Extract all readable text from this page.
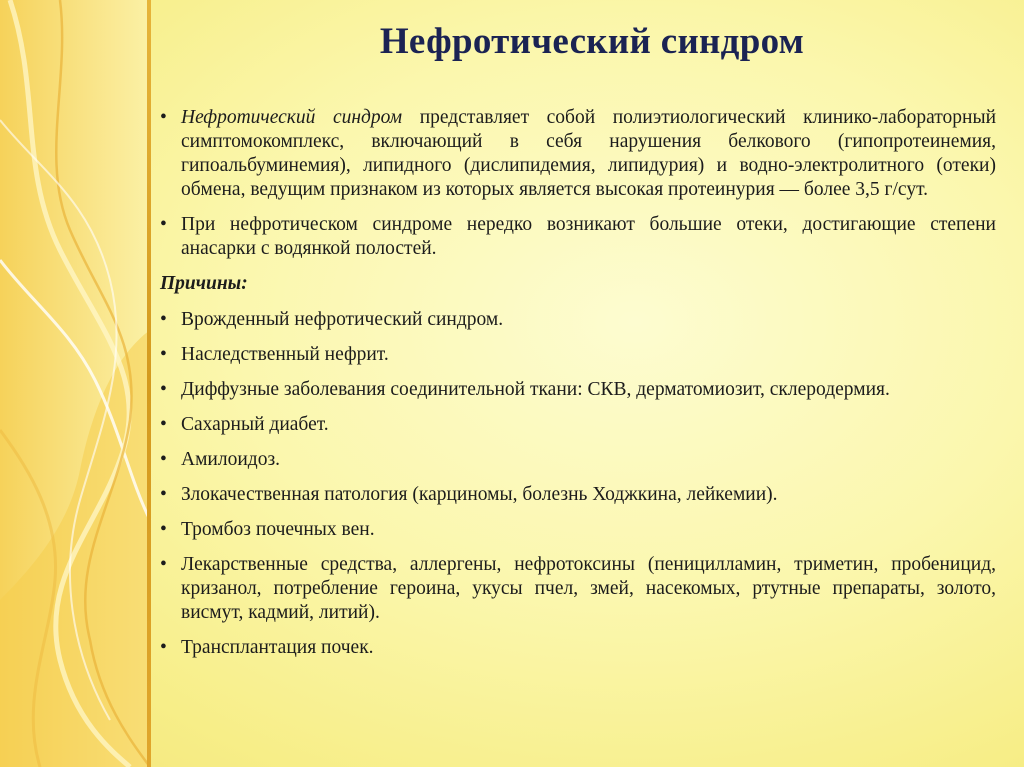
Нефротический синдром
• Нефротический синдром представляет собой полиэтиологический клинико-лабораторный симптомокомплекс, включающий в себя нарушения белкового (гипопротеинемия, гипоальбуминемия), липидного (дислипидемия, липидурия) и водно-электролитного (отеки) обмена, ведущим признаком из которых является высокая протеинурия — более 3,5 г/сут.

• При нефротическом синдроме нередко возникают большие отеки, достигающие степени анасарки с водянкой полостей.

Причины:
• Врожденный нефротический синдром.

• Наследственный нефрит.

• Диффузные заболевания соединительной ткани: СКВ, дерматомиозит, склеродермия.

• Сахарный диабет.

• Амилоидоз.

• Злокачественная патология (карциномы, болезнь Ходжкина, лейкемии).

• Тромбоз почечных вен.

• Лекарственные средства, аллергены, нефротоксины (пеницилламин, триметин, пробеницид, кризанол, потребление героина, укусы пчел, змей, насекомых, ртутные препараты, золото, висмут, кадмий, литий).

• Трансплантация почек.
